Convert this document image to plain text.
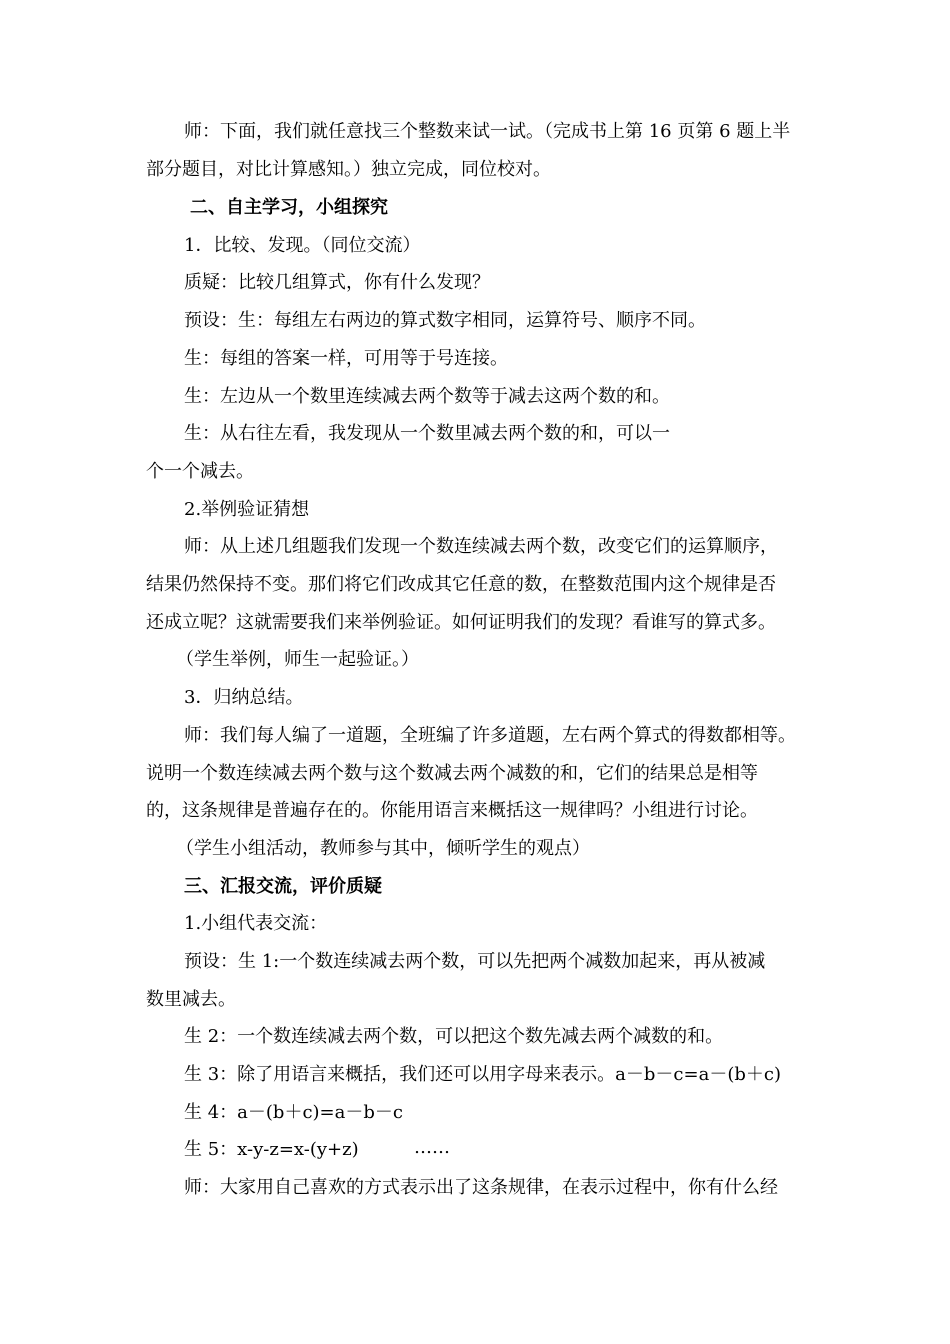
师：下面，我们就任意找三个整数来试一试。（完成书上第 16 页第 6 题上半
部分题目，对比计算感知。）独立完成，同位校对。
二、自主学习，小组探究
1．比较、发现。（同位交流）
质疑：比较几组算式，你有什么发现？
预设：生：每组左右两边的算式数字相同，运算符号、顺序不同。
生：每组的答案一样，可用等于号连接。
生：左边从一个数里连续减去两个数等于减去这两个数的和。
生：从右往左看，我发现从一个数里减去两个数的和，可以一
个一个减去。
2.举例验证猜想
师：从上述几组题我们发现一个数连续减去两个数，改变它们的运算顺序，
结果仍然保持不变。那们将它们改成其它任意的数，在整数范围内这个规律是否
还成立呢？这就需要我们来举例验证。如何证明我们的发现？看谁写的算式多。
（学生举例，师生一起验证。）
3．归纳总结。
师：我们每人编了一道题，全班编了许多道题，左右两个算式的得数都相等。
说明一个数连续减去两个数与这个数减去两个减数的和，它们的结果总是相等
的，这条规律是普遍存在的。你能用语言来概括这一规律吗？小组进行讨论。
（学生小组活动，教师参与其中，倾听学生的观点）
三、汇报交流，评价质疑
1.小组代表交流：
预设：生 1:一个数连续减去两个数，可以先把两个减数加起来，再从被减
数里减去。
生 2：一个数连续减去两个数，可以把这个数先减去两个减数的和。
生 3：除了用语言来概括，我们还可以用字母来表示。a－b－c=a－(b＋c)
生 4：a－(b＋c)=a－b－c
生 5：x-y-z=x-(y+z)	……
师：大家用自己喜欢的方式表示出了这条规律，在表示过程中，你有什么经
